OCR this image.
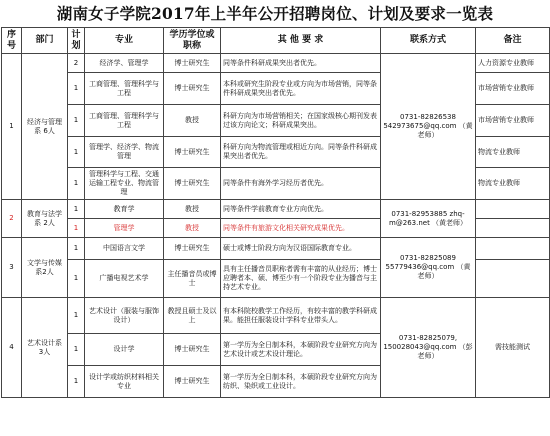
湖南女子学院2017年上半年公开招聘岗位、计划及要求一览表
序号	部门	计划	专业	学历学位或职称	其 他 要 求	联系方式	备注
1	经济与管理系 6人	2	经济学、管理学	博士研究生	同等条件科研成果突出者优先。	0731-82826538 542973675@qq.com （黄老师）	人力资源专业教师
		1	工商管理、管理科学与工程	博士研究生	本科或研究生阶段专业或方向为市场营销，同等条件科研成果突出者优先。		市场营销专业教师
		1	工商管理、管理科学与工程	教授	科研方向为市场营销相关；在国家级核心期刊发表过该方向论文；科研成果突出。		市场营销专业教师
		1	管理学、经济学、物流管理	博士研究生	科研方向为物流管理或相近方向。同等条件科研成果突出者优先。		物流专业教师
		1	管理科学与工程、交通运输工程专业、物流管理	博士研究生	同等条件有海外学习经历者优先。		物流专业教师
2	教育与法学系 2人	1	教育学	教授	同等条件学前教育专业方向优先。	0731-82953885 zhq-m@263.net （黄老师）	
		1	管理学	教授	同等条件有旅游文化相关研究成果优先。		
3	文学与传媒系2人	1	中国语言文学	博士研究生	硕士或博士阶段方向为汉语国际教育专业。	0731-82825089 55779436@qq.com （黄老师）	
		1	广播电视艺术学	主任播音员或博士	具有主任播音员职称者需有丰富的从业经历；博士应聘者本、硕、博至少有一个阶段专业为播音与主持艺术专业。		
4	艺术设计系 3人	1	艺术设计（服装与服饰设计）	教授且硕士及以上	有本科院校教学工作经历，有较丰富的教学科研成果。能担任服装设计学科专业带头人。	0731-82825079, 150028043@qq.com （彭老师）	需技能测试
		1	设计学	博士研究生	第一学历为全日制本科，本硕阶段专业研究方向为艺术设计或艺术设计理论。		
		1	设计学或纺织材料相关专业	博士研究生	第一学历为全日制本科，本硕阶段专业研究方向为纺织、染织或工业设计。		
